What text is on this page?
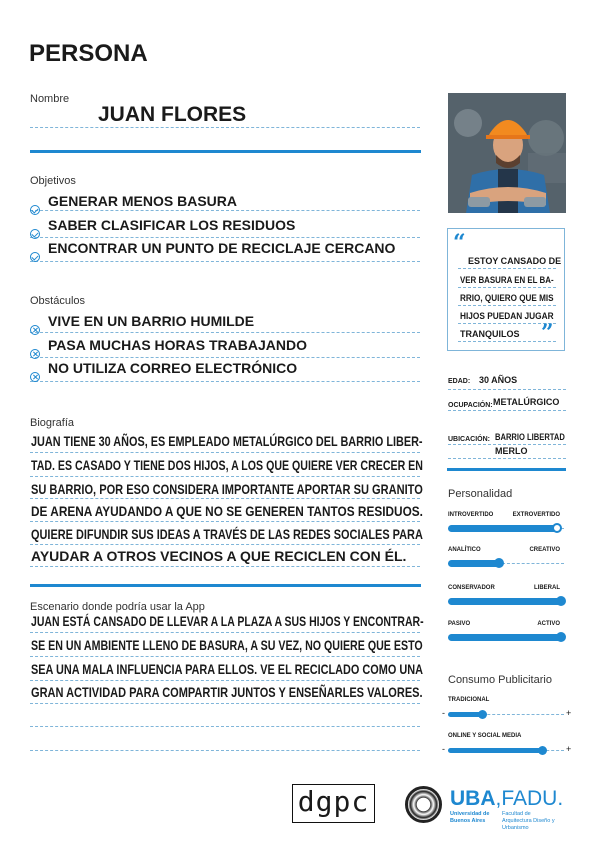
PERSONA
Nombre
JUAN FLORES
Objetivos
GENERAR MENOS BASURA
SABER CLASIFICAR LOS RESIDUOS
ENCONTRAR UN PUNTO DE RECICLAJE CERCANO
Obstáculos
VIVE EN UN BARRIO HUMILDE
PASA MUCHAS HORAS TRABAJANDO
NO UTILIZA CORREO ELECTRÓNICO
Biografía
JUAN TIENE 30 AÑOS, ES EMPLEADO METALÚRGICO DEL BARRIO LIBER-
TAD. ES CASADO Y TIENE DOS HIJOS, A LOS QUE QUIERE VER CRECER EN
SU BARRIO, POR ESO CONSIDERA IMPORTANTE APORTAR SU GRANITO
DE ARENA AYUDANDO A QUE NO SE GENEREN TANTOS RESIDUOS.
QUIERE DIFUNDIR SUS IDEAS A TRAVÉS DE LAS REDES SOCIALES PARA
AYUDAR A OTROS VECINOS A QUE RECICLEN CON ÉL.
Escenario donde podría usar la App
JUAN ESTÁ CANSADO DE LLEVAR A LA PLAZA A SUS HIJOS Y ENCONTRAR-
SE EN UN AMBIENTE LLENO DE BASURA, A SU VEZ, NO QUIERE QUE ESTO
SEA UNA MALA INFLUENCIA PARA ELLOS. VE EL RECICLADO COMO UNA
GRAN ACTIVIDAD PARA COMPARTIR JUNTOS Y ENSEÑARLES VALORES.
“
ESTOY CANSADO DE
VER BASURA EN EL BA-
RRIO, QUIERO QUE MIS
HIJOS PUEDAN JUGAR
TRANQUILOS ”
EDAD: 30 AÑOS
OCUPACIÓN: METALÚRGICO
UBICACIÓN: BARRIO LIBERTAD
MERLO
Personalidad
INTROVERTIDO	EXTROVERTIDO
ANALÍTICO	CREATIVO
CONSERVADOR	LIBERAL
PASIVO	ACTIVO
Consumo Publicitario
TRADICIONAL
-	+
ONLINE Y SOCIAL MEDIA
-	+
dgpc	UBA,FADU.
Universidad de Buenos Aires
Facultad de Arquitectura Diseño y Urbanismo
